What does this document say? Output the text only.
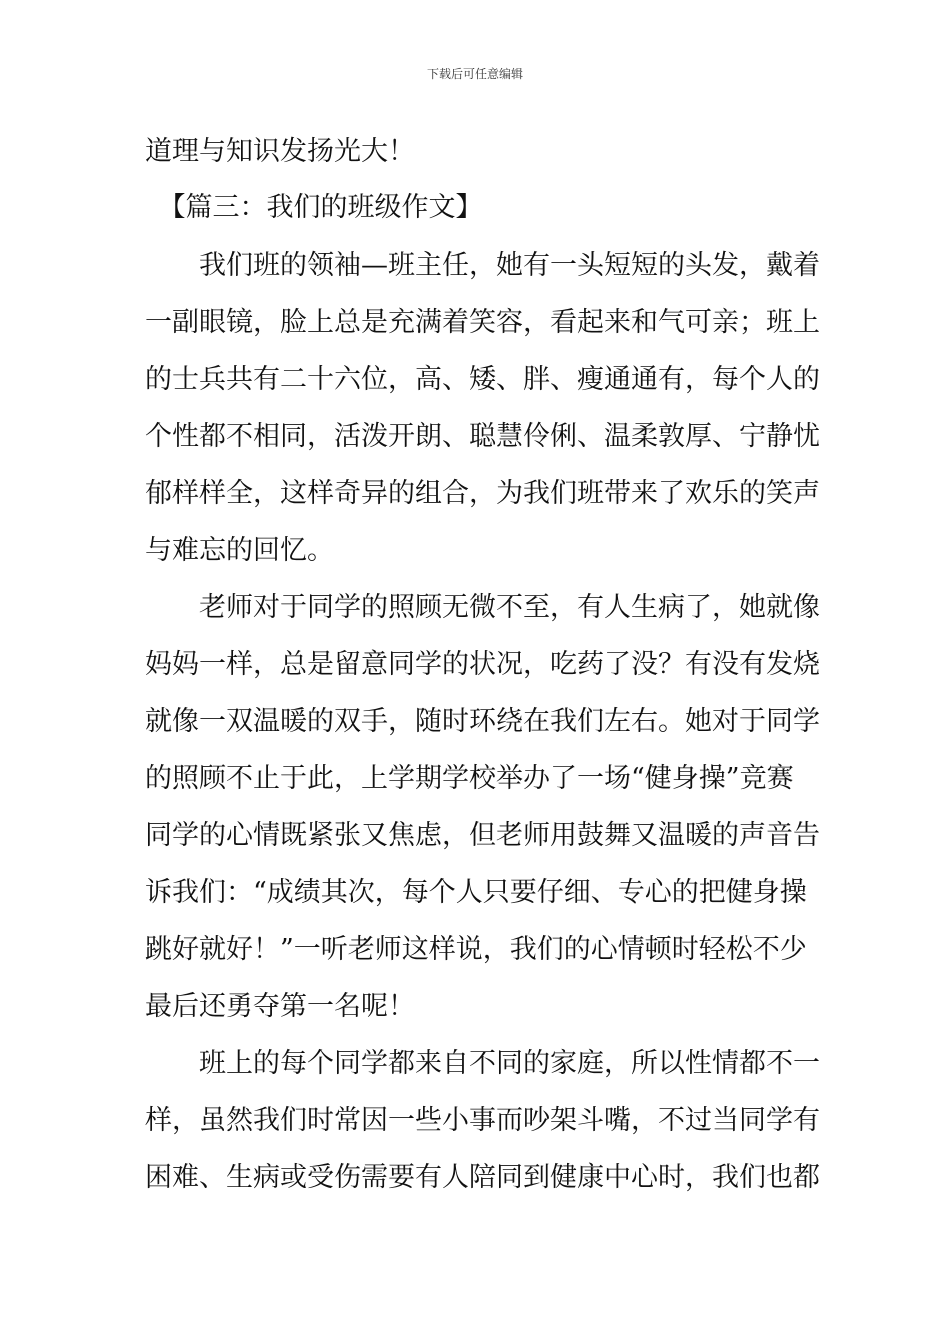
下载后可任意编辑
道理与知识发扬光大！
　【篇三：我们的班级作文】
　　我们班的领袖—班主任，她有一头短短的头发，戴着
一副眼镜，脸上总是充满着笑容，看起来和气可亲；班上
的士兵共有二十六位，高、矮、胖、瘦通通有，每个人的
个性都不相同，活泼开朗、聪慧伶俐、温柔敦厚、宁静忧
郁样样全，这样奇异的组合，为我们班带来了欢乐的笑声
与难忘的回忆。
　　老师对于同学的照顾无微不至，有人生病了，她就像
妈妈一样，总是留意同学的状况，吃药了没？有没有发烧
就像一双温暖的双手，随时环绕在我们左右。她对于同学
的照顾不止于此，上学期学校举办了一场“健身操”竞赛
同学的心情既紧张又焦虑，但老师用鼓舞又温暖的声音告
诉我们：“成绩其次，每个人只要仔细、专心的把健身操
跳好就好！”一听老师这样说，我们的心情顿时轻松不少
最后还勇夺第一名呢！
　　班上的每个同学都来自不同的家庭，所以性情都不一
样，虽然我们时常因一些小事而吵架斗嘴，不过当同学有
困难、生病或受伤需要有人陪同到健康中心时，我们也都
